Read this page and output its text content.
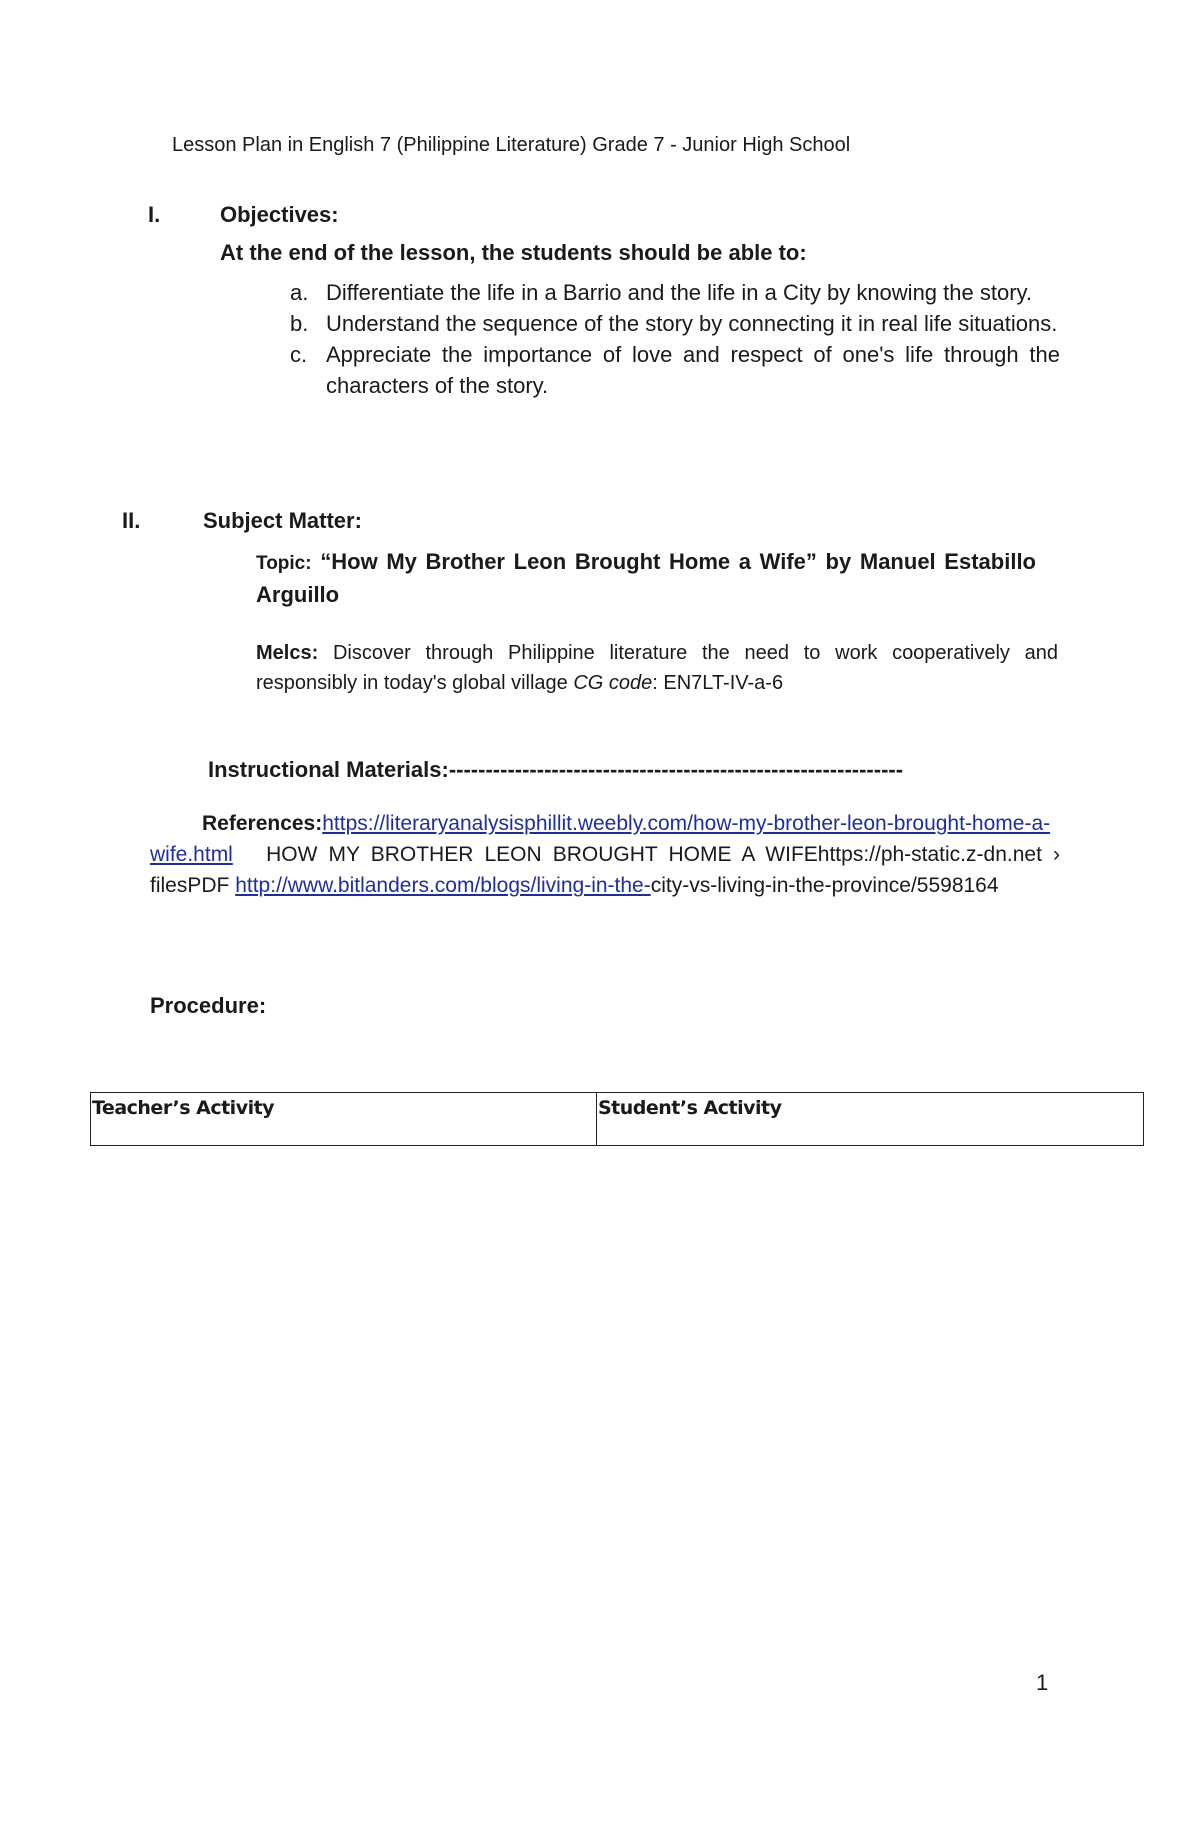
Lesson Plan in English 7 (Philippine Literature) Grade 7 - Junior High School
I.	Objectives:
At the end of the lesson, the students should be able to:
a. Differentiate the life in a Barrio and the life in a City by knowing the story.
b. Understand the sequence of the story by connecting it in real life situations.
c. Appreciate the importance of love and respect of one's life through the characters of the story.
II.	Subject Matter:
Topic: “How My Brother Leon Brought Home a Wife” by Manuel Estabillo Arguillo
Melcs: Discover through Philippine literature the need to work cooperatively and responsibly in today's global village CG code: EN7LT-IV-a-6
Instructional Materials:--------------------------------------------------------------
References:https://literaryanalysisphillit.weebly.com/how-my-brother-leon-brought-home-a-wife.html HOW MY BROTHER LEON BROUGHT HOME A WIFEhttps://ph-static.z-dn.net › filesPDF http://www.bitlanders.com/blogs/living-in-the-city-vs-living-in-the-province/5598164
Procedure:
Teacher’s Activity	Student’s Activity
1
